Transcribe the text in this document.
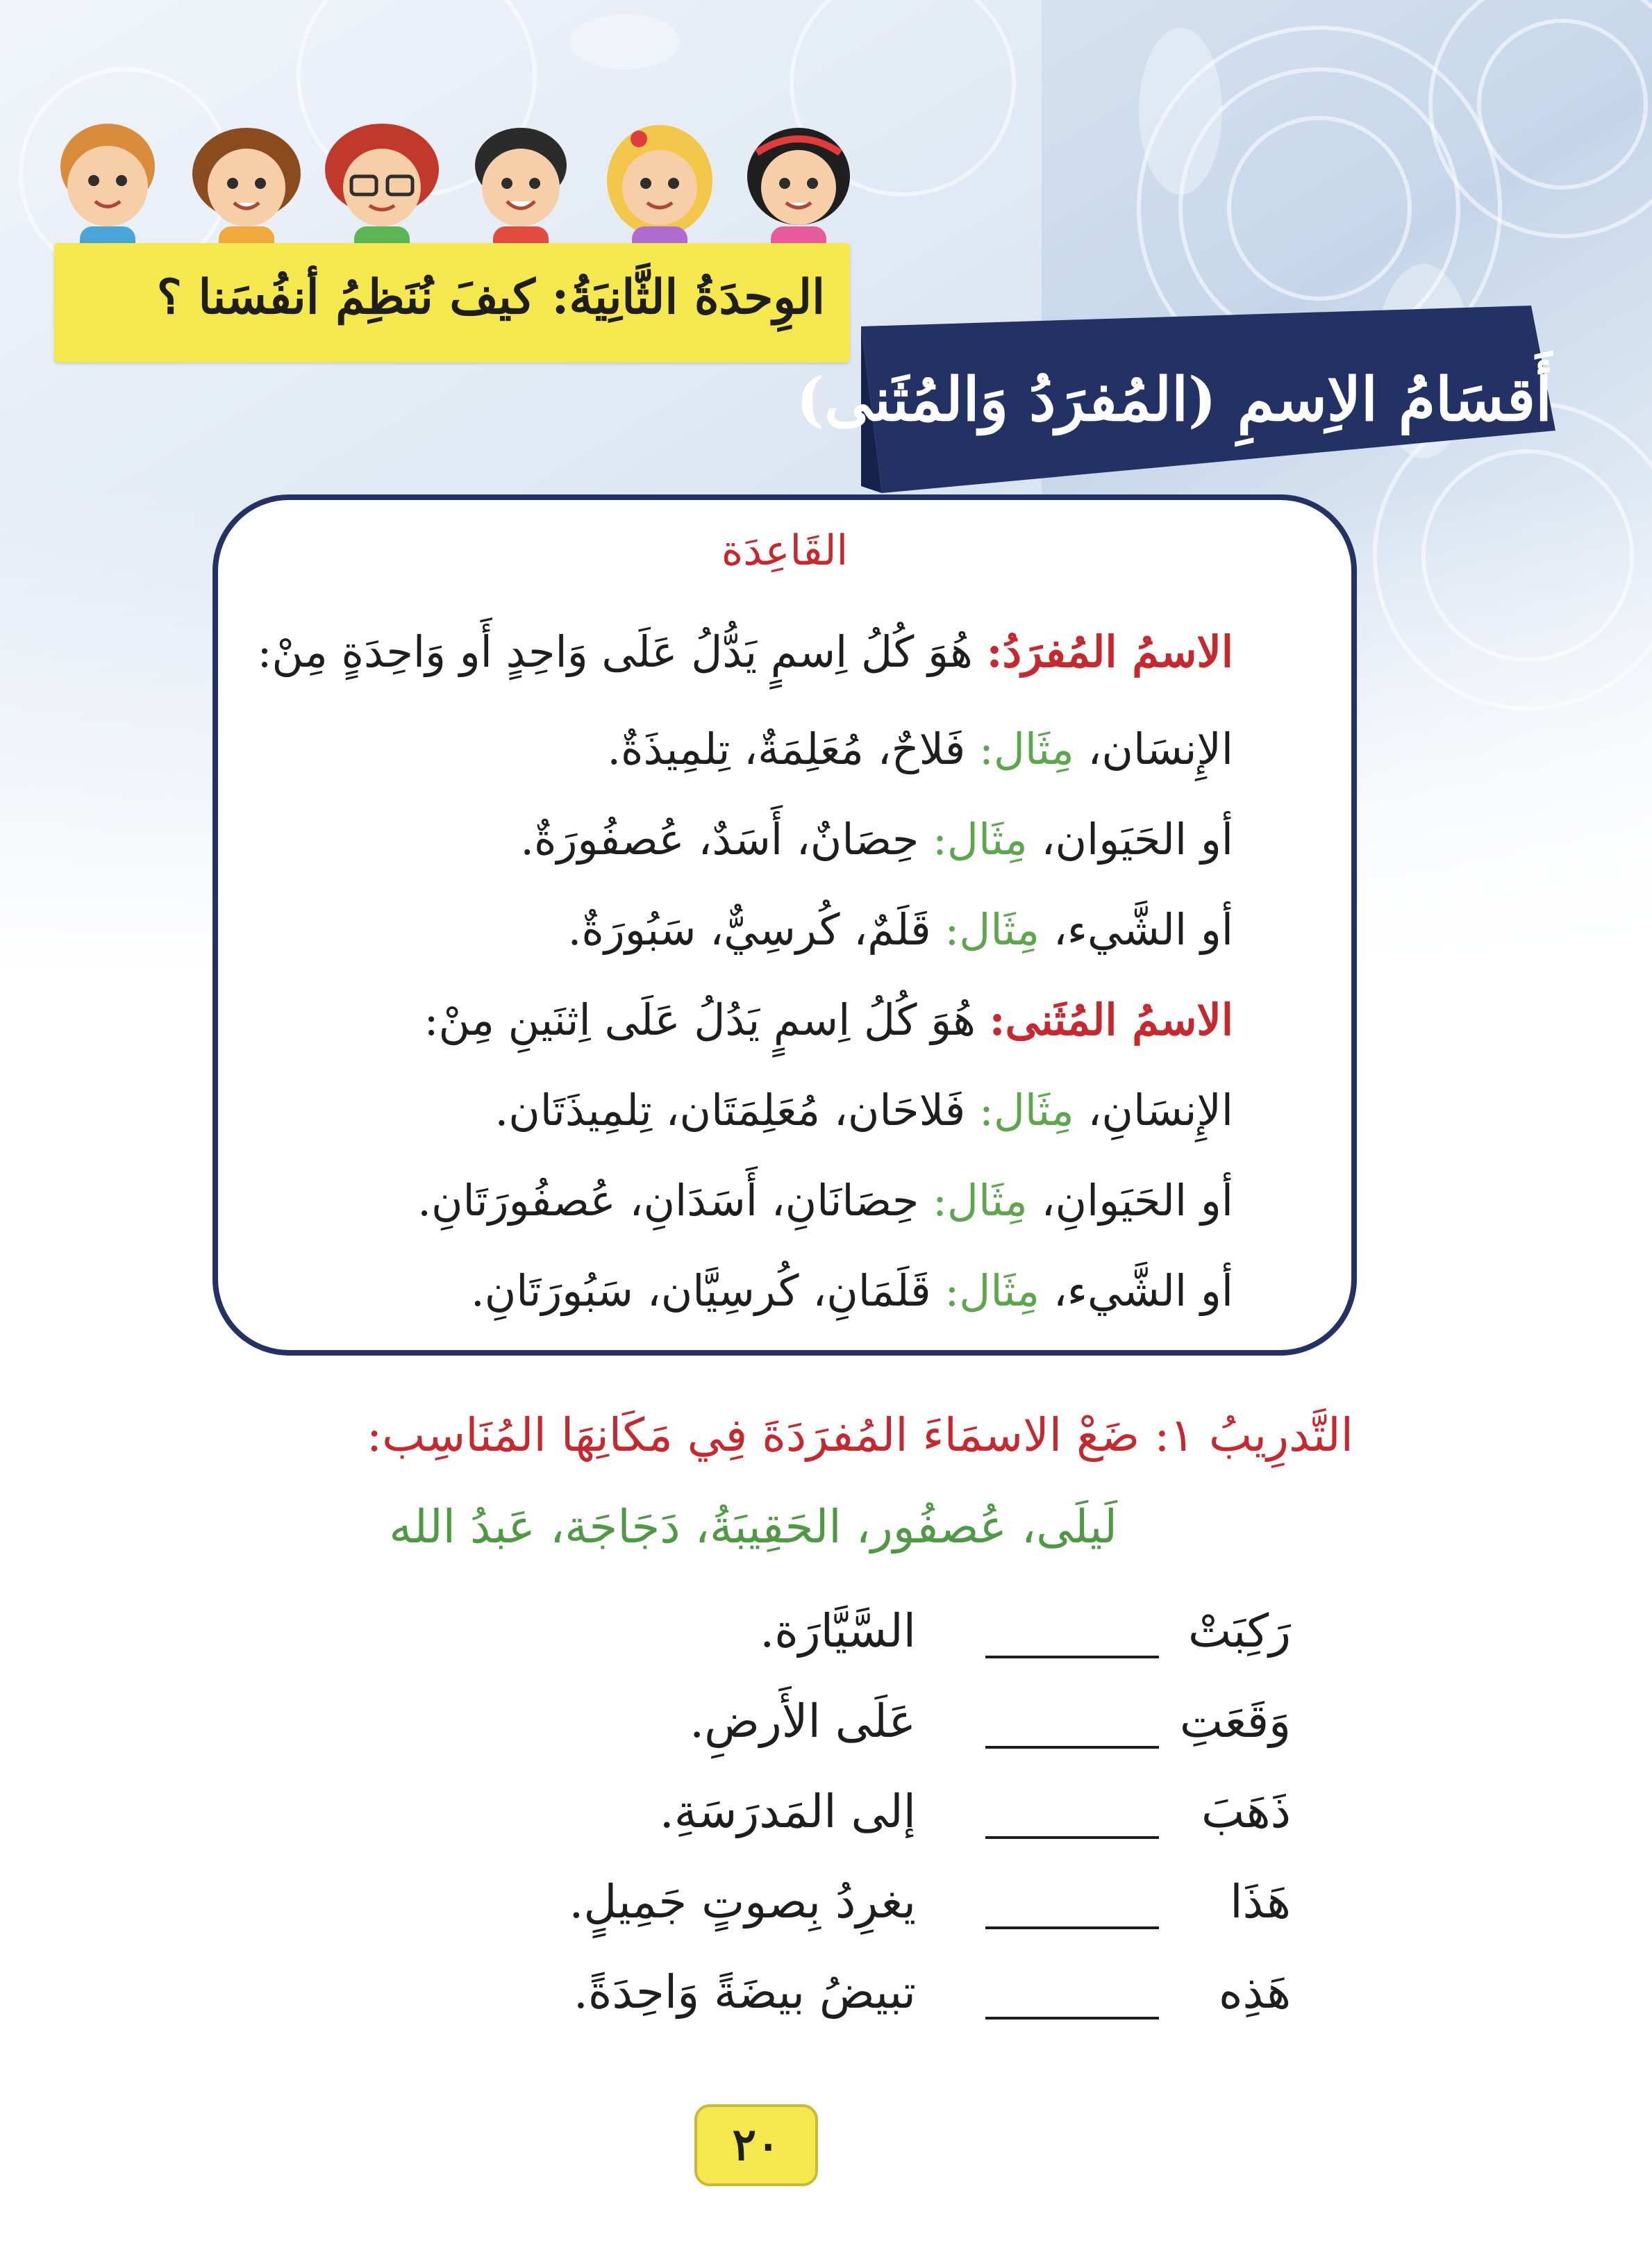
الوِحدَةُ الثَّانِيَةُ: كيفَ نُنَظِمُ أنفُسَنا ؟
أَقسَامُ الاِسمِ (المُفرَدُ وَالمُثَنى)
القَاعِدَة
الاسمُ المُفرَدُ: هُوَ كُلُ اِسمٍ يَدُّلُ عَلَى وَاحِدٍ أَو وَاحِدَةٍ مِنْ:
الإِنسَان، مِثَال: فَلاحٌ، مُعَلِمَةٌ، تِلمِيذَةٌ.
أو الحَيَوان، مِثَال: حِصَانٌ، أَسَدٌ، عُصفُورَةٌ.
أو الشَّيء، مِثَال: قَلَمٌ، كُرسِيٌّ، سَبُورَةٌ.
الاسمُ المُثَنى: هُوَ كُلُ اِسمٍ يَدُلُ عَلَى اِثنَينِ مِنْ:
الإِنسَانِ، مِثَال: فَلاحَان، مُعَلِمَتَان، تِلمِيذَتَان.
أو الحَيَوانِ، مِثَال: حِصَانَانِ، أَسَدَانِ، عُصفُورَتَانِ.
أو الشَّيء، مِثَال: قَلَمَانِ، كُرسِيَّان، سَبُورَتَانِ.
التَّدرِيبُ ١: ضَعْ الاسمَاءَ المُفرَدَةَ فِي مَكَانِهَا المُنَاسِب:
لَيلَى، عُصفُور، الحَقِيبَةُ، دَجَاجَة، عَبدُ الله
رَكِبَتْ
السَّيَّارَة.
وَقَعَتِ
عَلَى الأَرضِ.
ذَهَبَ
إلى المَدرَسَةِ.
هَذَا
يغرِدُ بِصوتٍ جَمِيلٍ.
هَذِه
تبيضُ بيضَةً وَاحِدَةً.
٢٠
